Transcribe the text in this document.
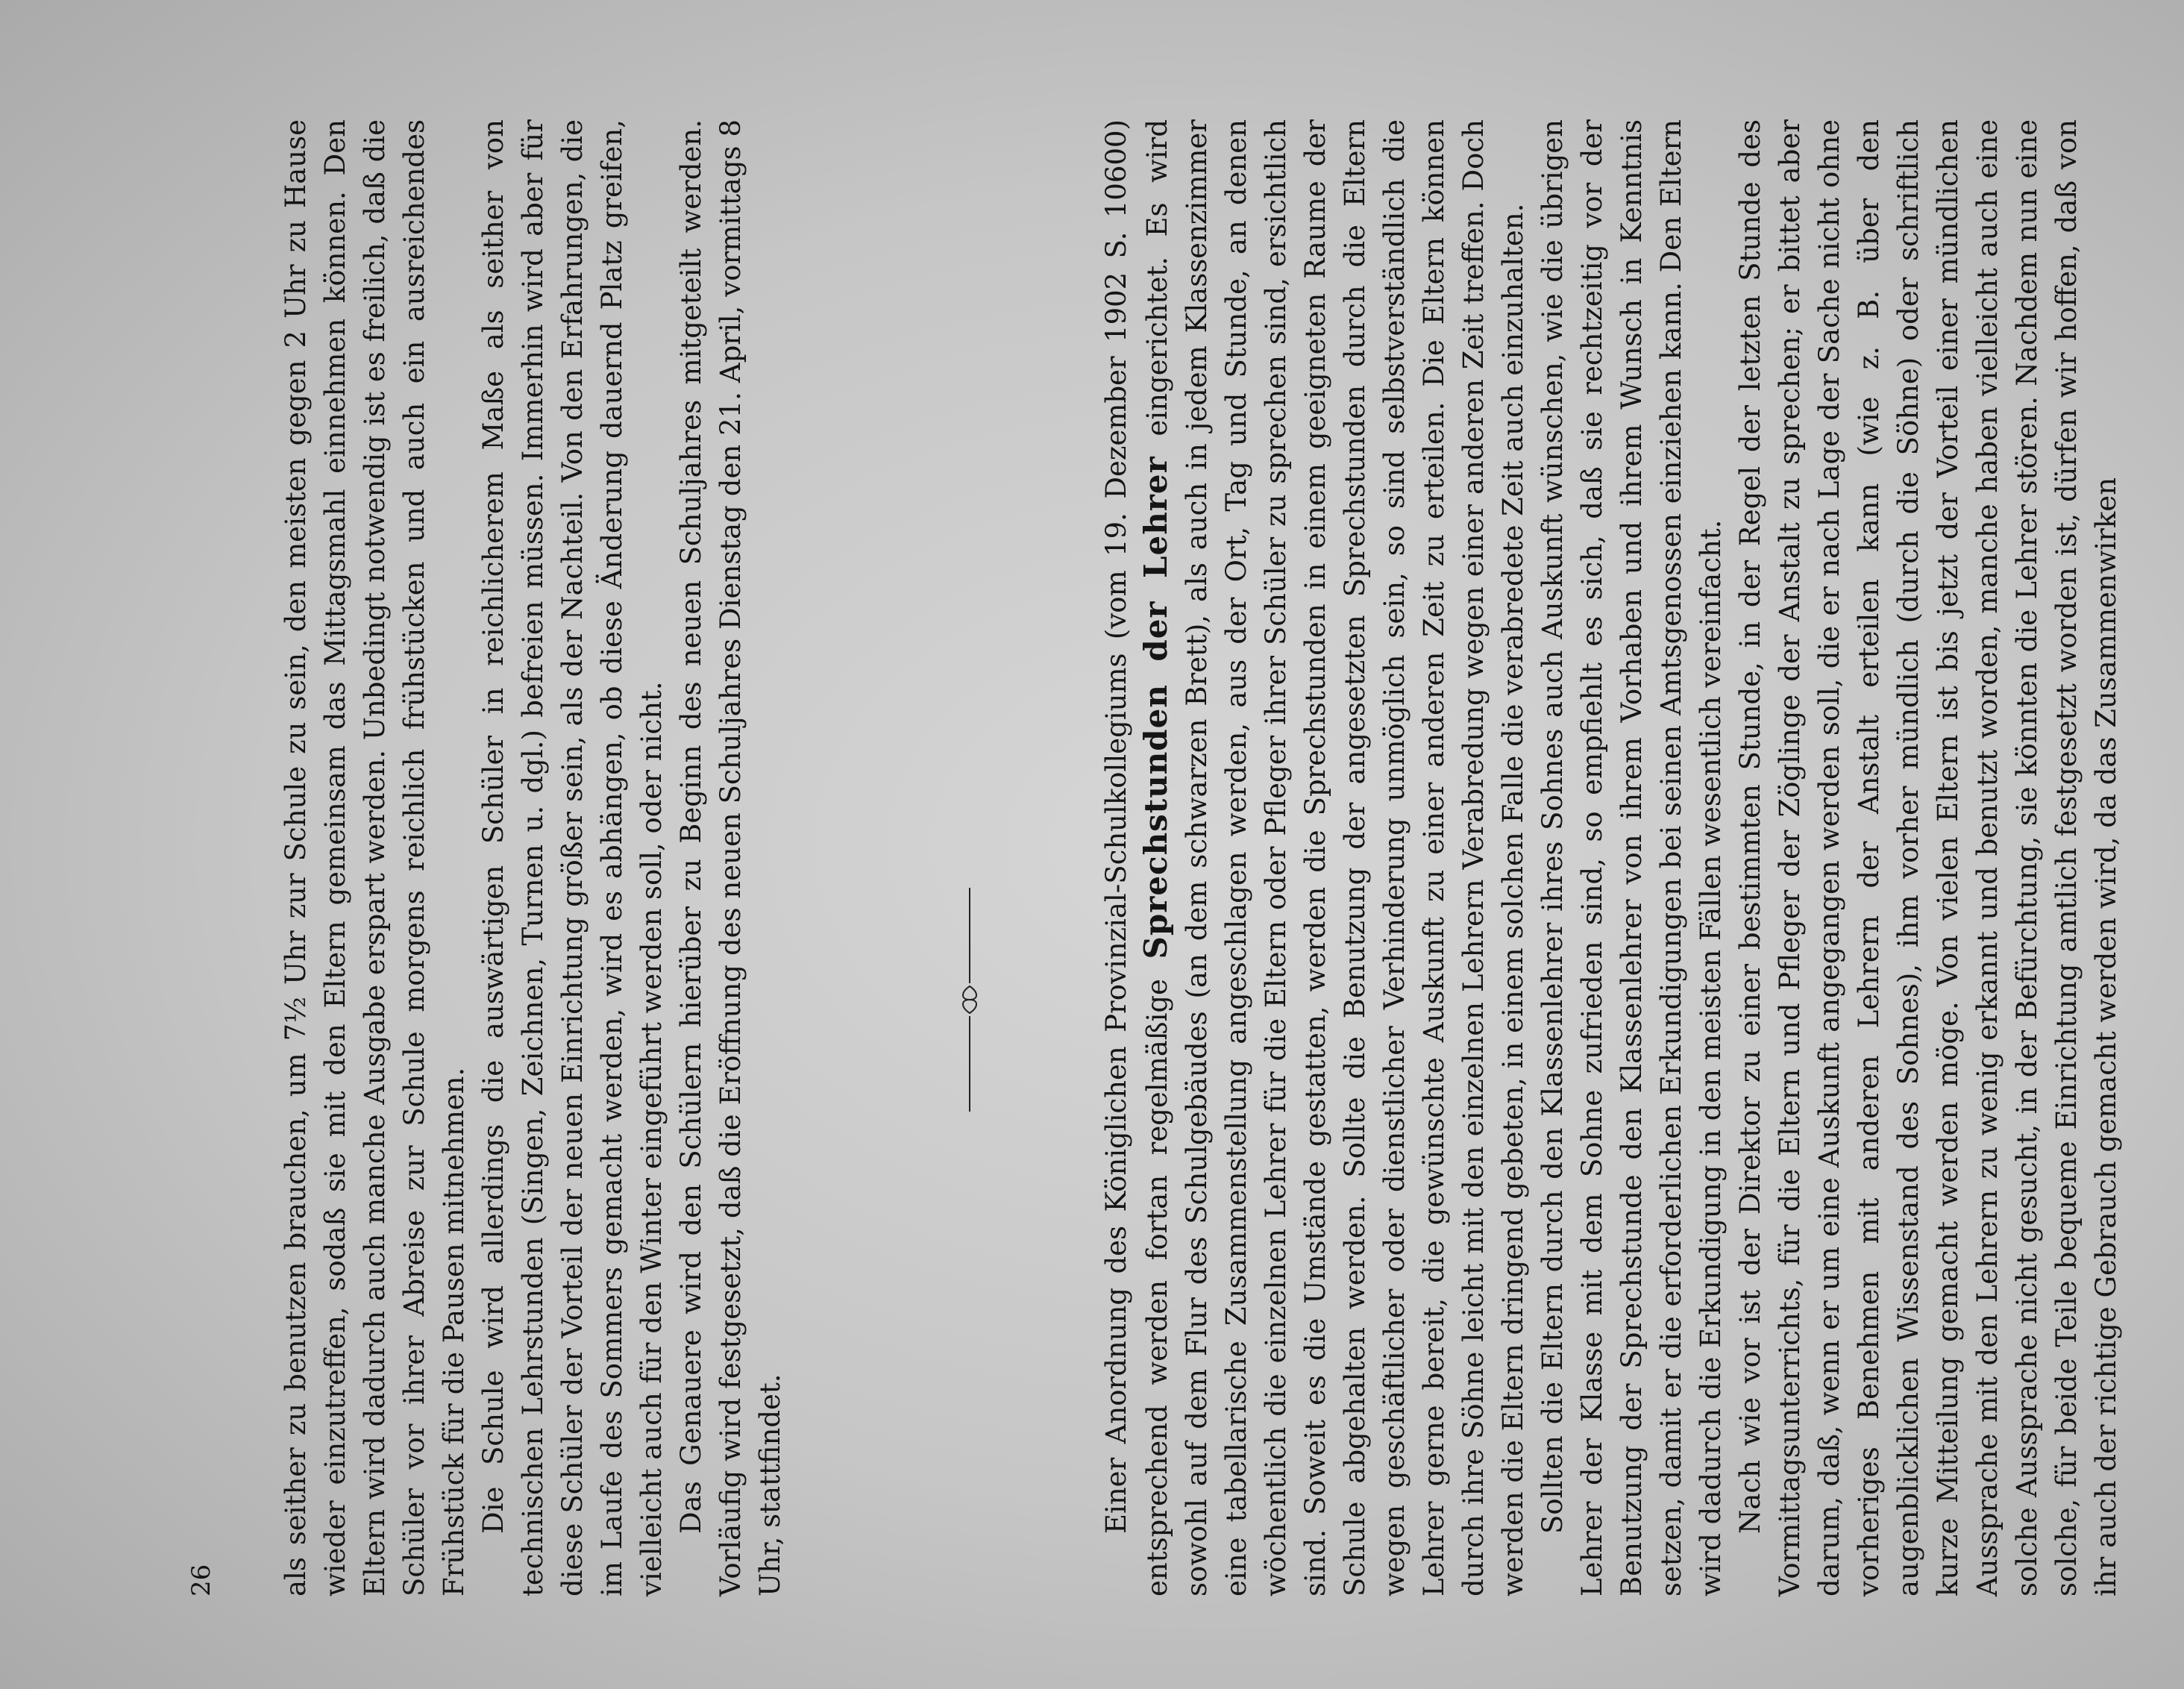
26 als seither zu benutzen brauchen, um 7½ Uhr zur Schule zu sein, den meisten gegen 2 Uhr zu Hause wieder einzutreffen, sodaß sie mit den Eltern gemeinsam das Mittagsmahl einnehmen können. Den Eltern wird dadurch auch manche Ausgabe erspart werden. Unbedingt notwendig ist es freilich, daß die Schüler vor ihrer Abreise zur Schule morgens reichlich frühstücken und auch ein ausreichendes Frühstück für die Pausen mitnehmen. Die Schule wird allerdings die auswärtigen Schüler in reichlicherem Maße als seither von technischen Lehrstunden (Singen, Zeichnen, Turnen u. dgl.) befreien müssen. Immerhin wird aber für diese Schüler der Vorteil der neuen Einrichtung größer sein, als der Nachteil. Von den Erfahrungen, die im Laufe des Sommers gemacht werden, wird es abhängen, ob diese Änderung dauernd Platz greifen, vielleicht auch für den Winter eingeführt werden soll, oder nicht. Das Genauere wird den Schülern hierüber zu Beginn des neuen Schuljahres mitgeteilt werden. Vorläufig wird festgesetzt, daß die Eröffnung des neuen Schuljahres Dienstag den 21. April, vormittags 8 Uhr, stattfindet.	Einer Anordnung des Königlichen Provinzial-Schulkollegiums (vom 19. Dezember 1902 S. 10600) entsprechend werden fortan regelmäßige Sprechstunden der Lehrer eingerichtet. Es wird sowohl auf dem Flur des Schulgebäudes (an dem schwarzen Brett), als auch in jedem Klassenzimmer eine tabellarische Zusammenstellung angeschlagen werden, aus der Ort, Tag und Stunde, an denen wöchentlich die einzelnen Lehrer für die Eltern oder Pfleger ihrer Schüler zu sprechen sind, ersichtlich sind. Soweit es die Umstände gestatten, werden die Sprechstunden in einem geeigneten Raume der Schule abgehalten werden. Sollte die Benutzung der angesetzten Sprechstunden durch die Eltern wegen geschäftlicher oder dienstlicher Verhinderung unmöglich sein, so sind selbstverständlich die Lehrer gerne bereit, die gewünschte Auskunft zu einer anderen Zeit zu erteilen. Die Eltern können durch ihre Söhne leicht mit den einzelnen Lehrern Verabredung wegen einer anderen Zeit treffen. Doch werden die Eltern dringend gebeten, in einem solchen Falle die verabredete Zeit auch einzuhalten. Sollten die Eltern durch den Klassenlehrer ihres Sohnes auch Auskunft wünschen, wie die übrigen Lehrer der Klasse mit dem Sohne zufrieden sind, so empfiehlt es sich, daß sie rechtzeitig vor der Benutzung der Sprechstunde den Klassenlehrer von ihrem Vorhaben und ihrem Wunsch in Kenntnis setzen, damit er die erforderlichen Erkundigungen bei seinen Amtsgenossen einziehen kann. Den Eltern wird dadurch die Erkundigung in den meisten Fällen wesentlich vereinfacht. Nach wie vor ist der Direktor zu einer bestimmten Stunde, in der Regel der letzten Stunde des Vormittagsunterrichts, für die Eltern und Pfleger der Zöglinge der Anstalt zu sprechen; er bittet aber darum, daß, wenn er um eine Auskunft angegangen werden soll, die er nach Lage der Sache nicht ohne vorheriges Benehmen mit anderen Lehrern der Anstalt erteilen kann (wie z. B. über den augenblicklichen Wissenstand des Sohnes), ihm vorher mündlich (durch die Söhne) oder schriftlich kurze Mitteilung gemacht werden möge. Von vielen Eltern ist bis jetzt der Vorteil einer mündlichen Aussprache mit den Lehrern zu wenig erkannt und benutzt worden, manche haben vielleicht auch eine solche Aussprache nicht gesucht, in der Befürchtung, sie könnten die Lehrer stören. Nachdem nun eine solche, für beide Teile bequeme Einrichtung amtlich festgesetzt worden ist, dürfen wir hoffen, daß von ihr auch der richtige Gebrauch gemacht werden wird, da das Zusammenwirken
